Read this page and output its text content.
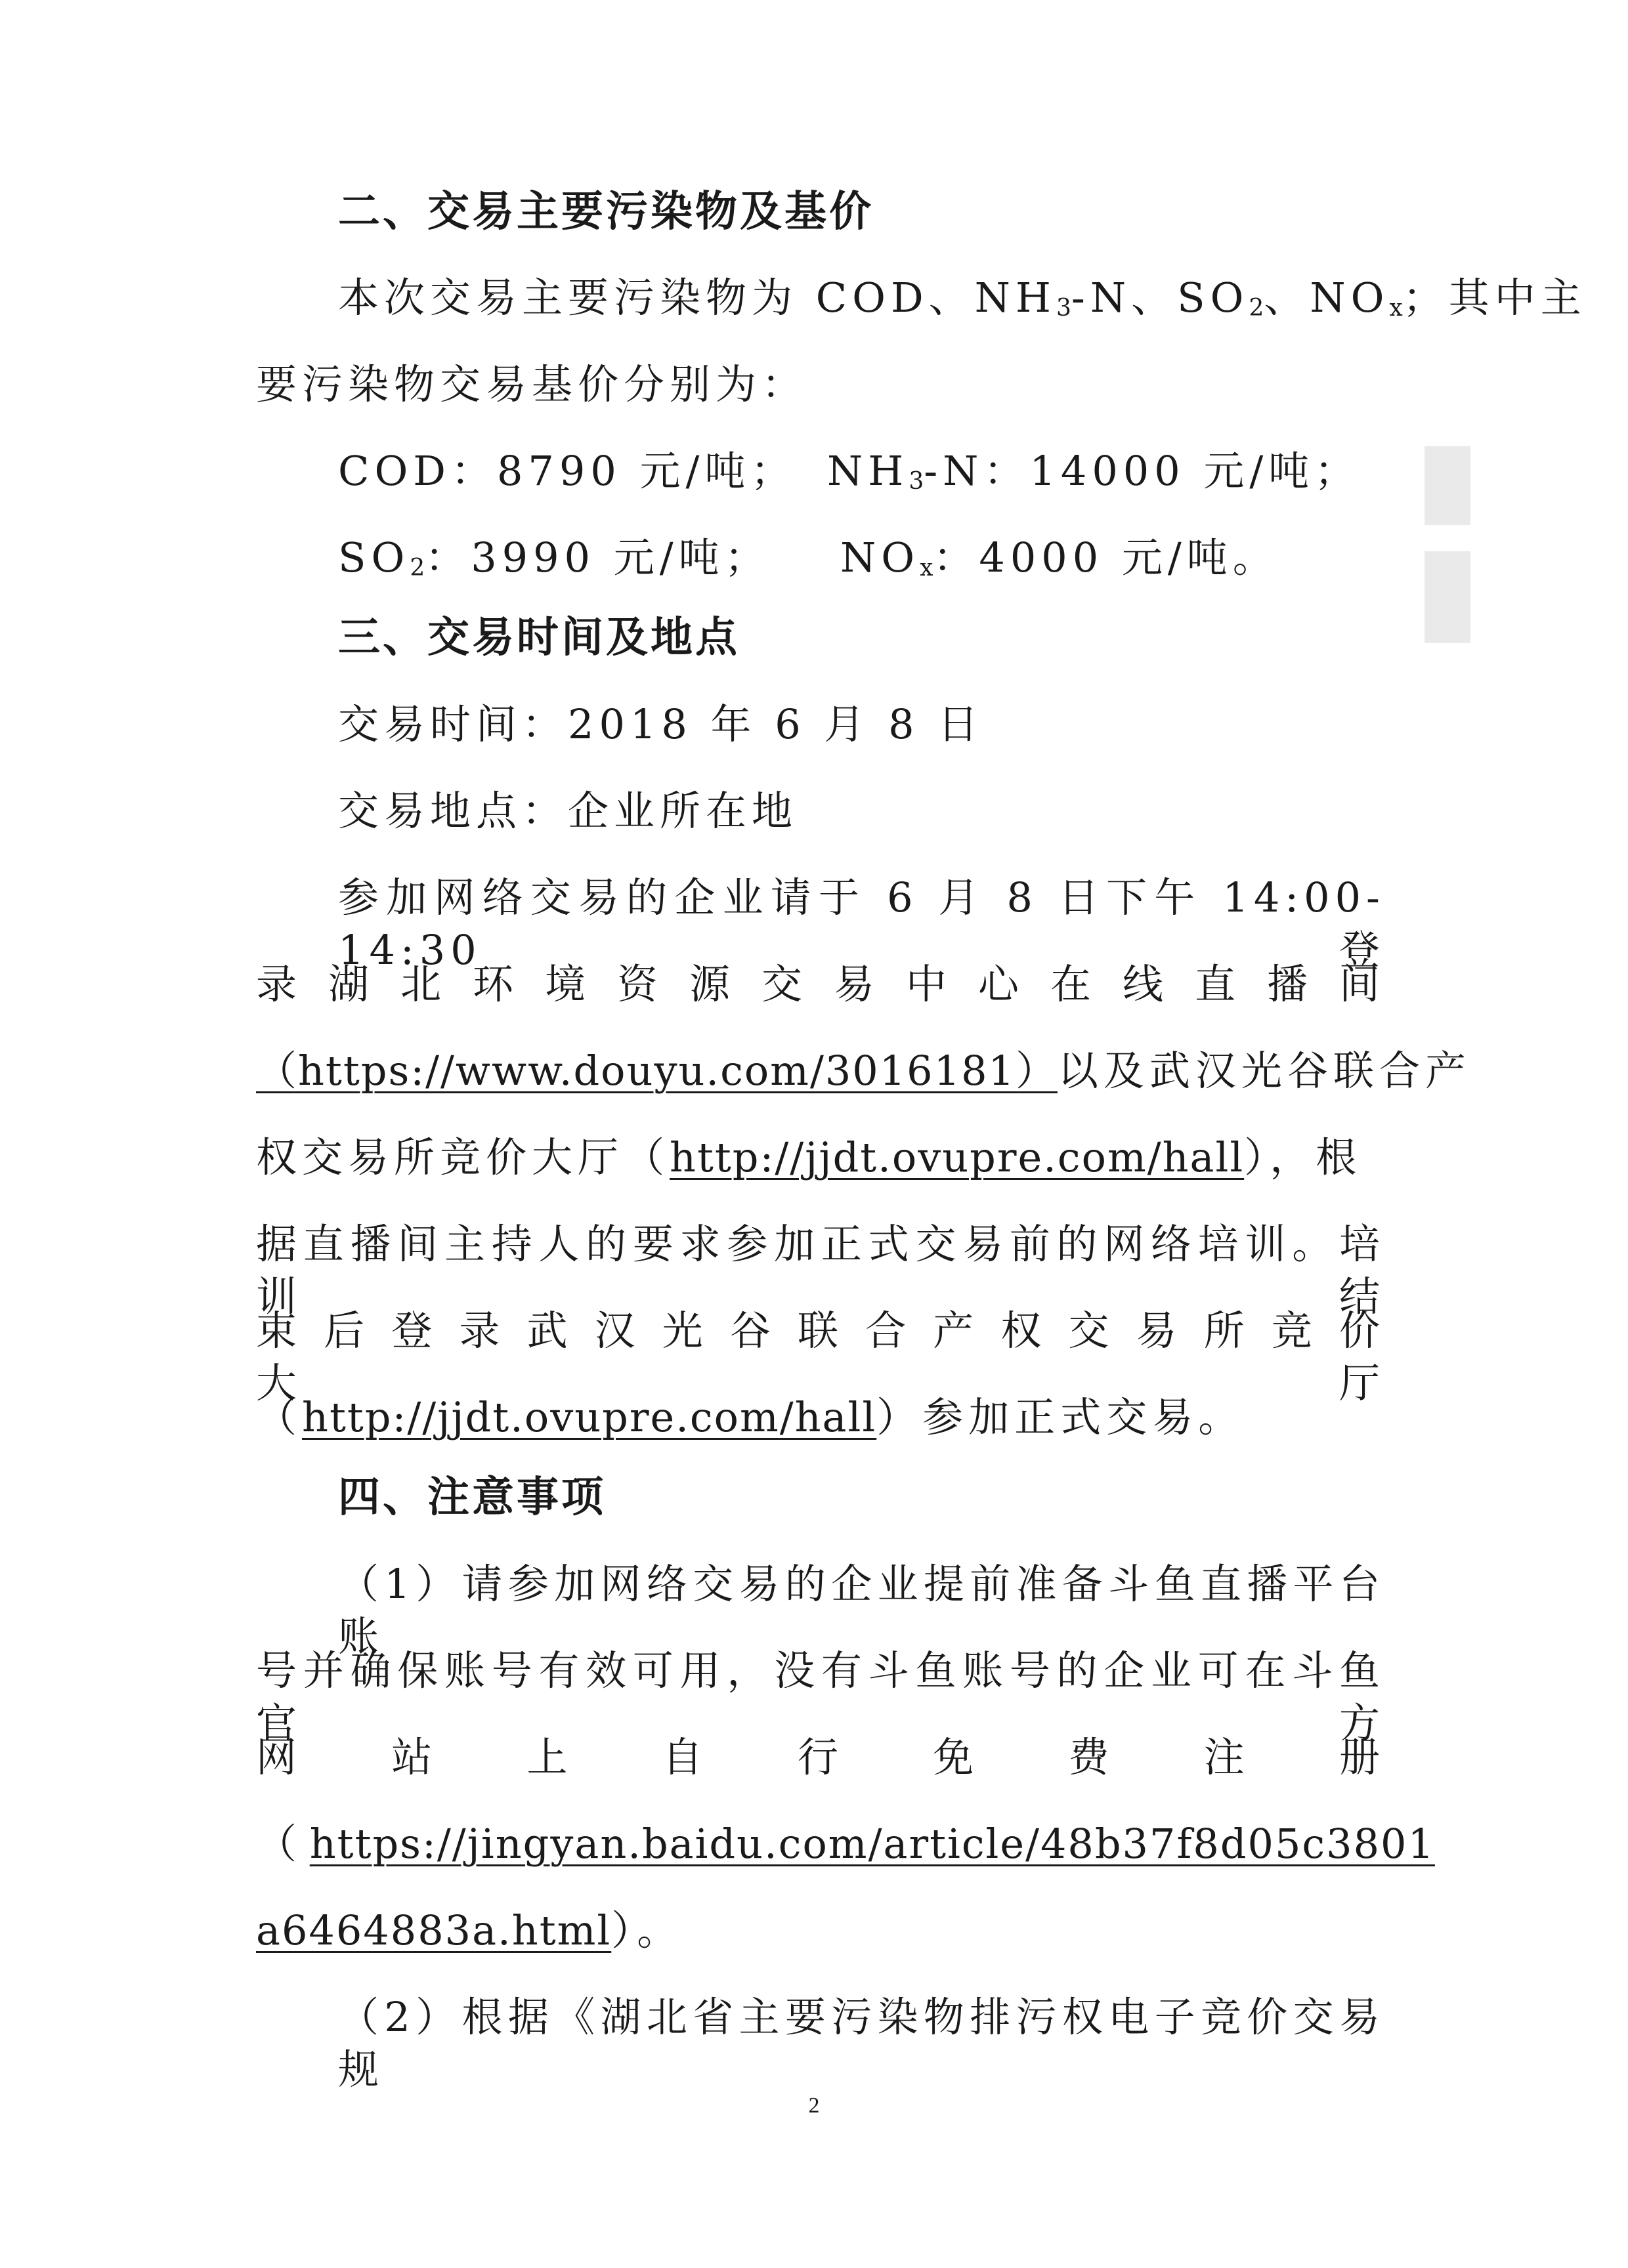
二、交易主要污染物及基价
本次交易主要污染物为 COD、$NH_3-N$、$SO_2$、$NO_x$；其中主
要污染物交易基价分别为：
COD：8790 元/吨； $NH_3-N$：14000 元/吨；
$SO_2$：3990 元/吨； $NO_x$：4000 元/吨。
三、交易时间及地点
交易时间：2018 年 6 月 8 日
交易地点：企业所在地
参加网络交易的企业请于 6 月 8 日下午 14:00-14:30 登
录 湖 北 环 境 资 源 交 易 中 心 在 线 直 播 间
（https://www.douyu.com/3016181）以及武汉光谷联合产
权交易所竞价大厅（http://jjdt.ovupre.com/hall），根
据直播间主持人的要求参加正式交易前的网络培训。培训结
束 后 登 录 武 汉 光 谷 联 合 产 权 交 易 所 竞 价 大 厅
（http://jjdt.ovupre.com/hall）参加正式交易。
四、注意事项
（1）请参加网络交易的企业提前准备斗鱼直播平台账
号并确保账号有效可用，没有斗鱼账号的企业可在斗鱼官方
网 站 上 自 行 免 费 注 册
（ https://jingyan.baidu.com/article/48b37f8d05c3801
a6464883a.html）。
（2）根据《湖北省主要污染物排污权电子竞价交易规
2
